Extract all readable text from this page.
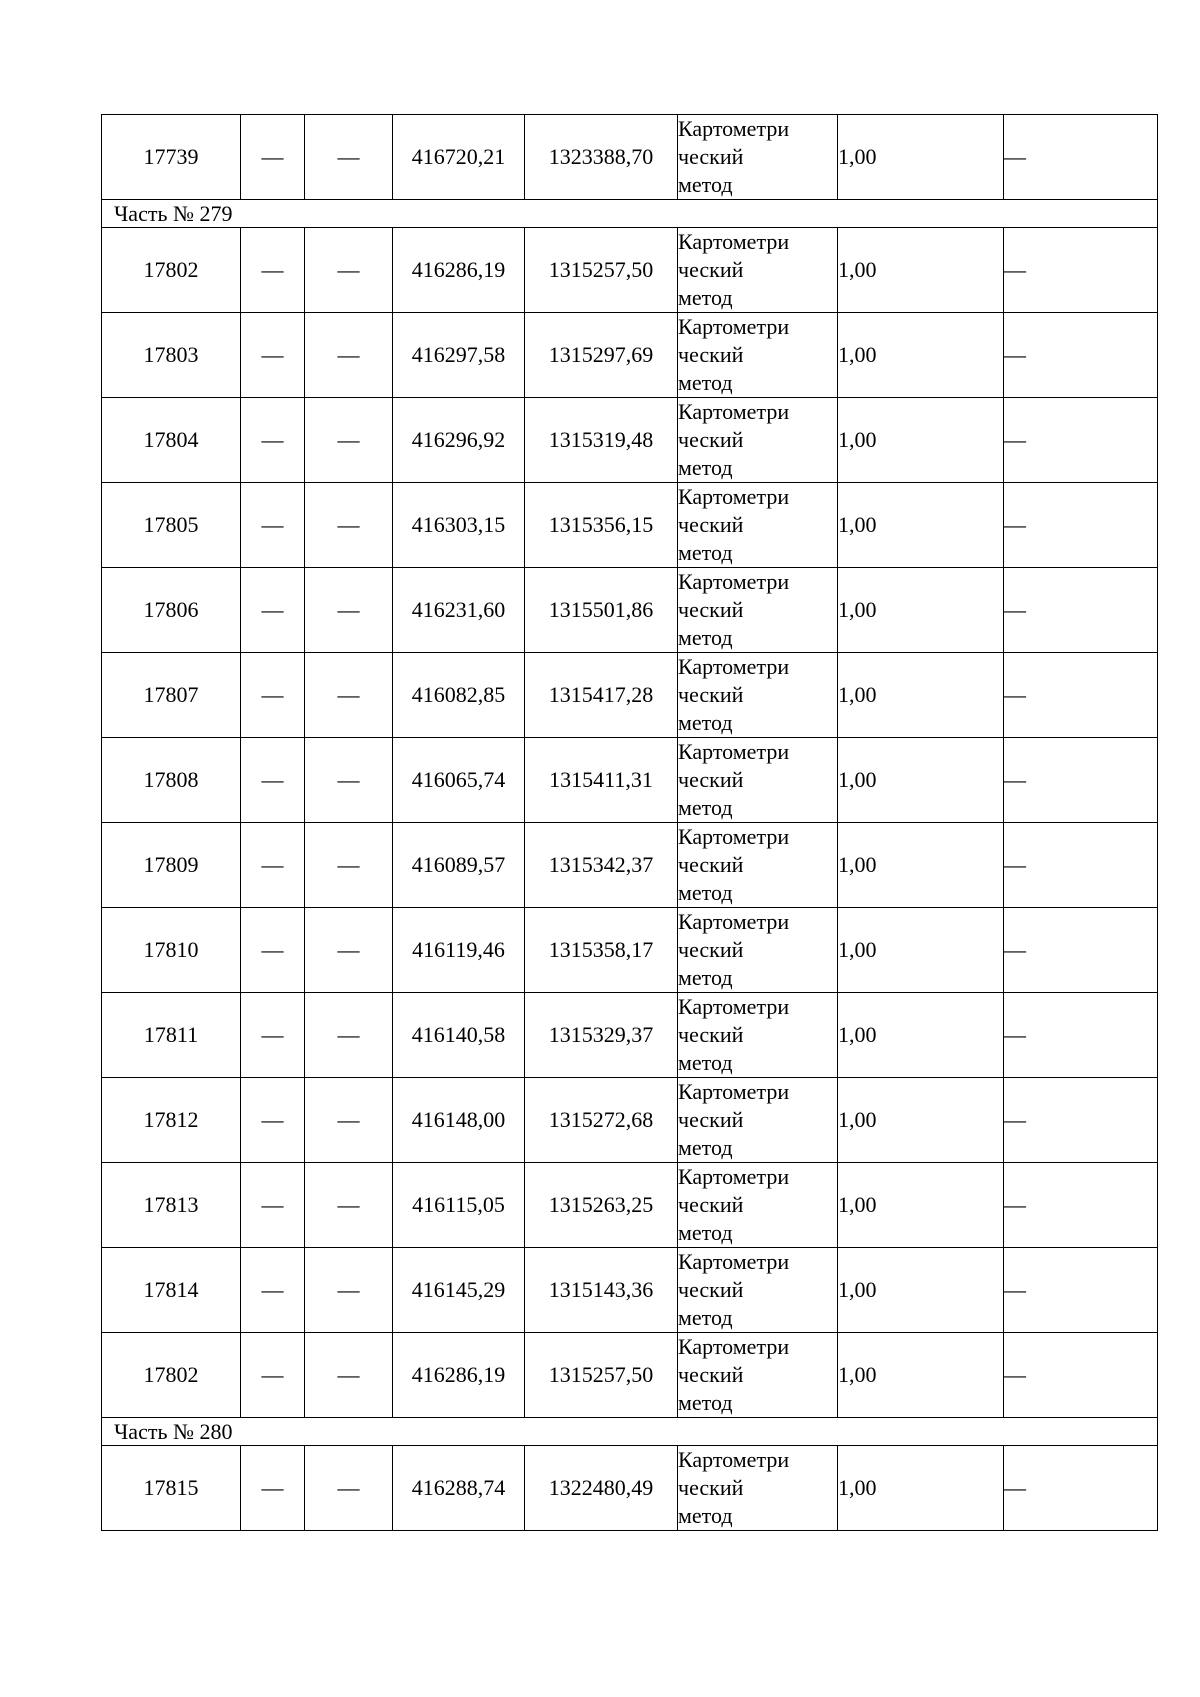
17739	—	—	416720,21	1323388,70	Картометри
ческий
метод	1,00	—
Часть № 279							
17802	—	—	416286,19	1315257,50	Картометри
ческий
метод	1,00	—
17803	—	—	416297,58	1315297,69	Картометри
ческий
метод	1,00	—
17804	—	—	416296,92	1315319,48	Картометри
ческий
метод	1,00	—
17805	—	—	416303,15	1315356,15	Картометри
ческий
метод	1,00	—
17806	—	—	416231,60	1315501,86	Картометри
ческий
метод	1,00	—
17807	—	—	416082,85	1315417,28	Картометри
ческий
метод	1,00	—
17808	—	—	416065,74	1315411,31	Картометри
ческий
метод	1,00	—
17809	—	—	416089,57	1315342,37	Картометри
ческий
метод	1,00	—
17810	—	—	416119,46	1315358,17	Картометри
ческий
метод	1,00	—
17811	—	—	416140,58	1315329,37	Картометри
ческий
метод	1,00	—
17812	—	—	416148,00	1315272,68	Картометри
ческий
метод	1,00	—
17813	—	—	416115,05	1315263,25	Картометри
ческий
метод	1,00	—
17814	—	—	416145,29	1315143,36	Картометри
ческий
метод	1,00	—
17802	—	—	416286,19	1315257,50	Картометри
ческий
метод	1,00	—
Часть № 280							
17815	—	—	416288,74	1322480,49	Картометри
ческий
метод	1,00	—
